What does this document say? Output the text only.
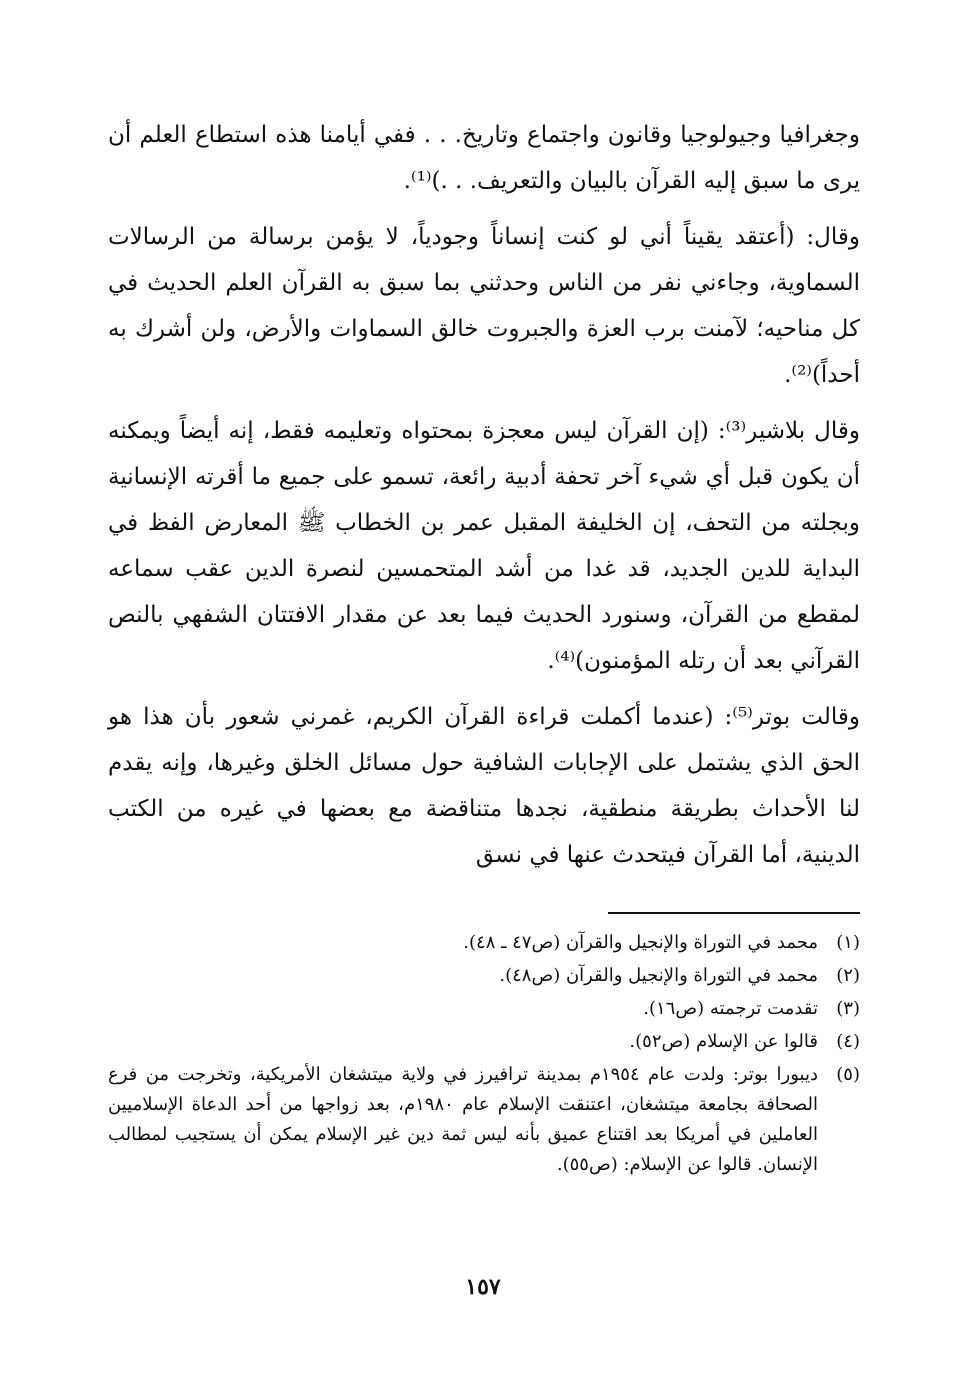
وجغرافيا وجيولوجيا وقانون واجتماع وتاريخ. . . ففي أيامنا هذه استطاع العلم أن يرى ما سبق إليه القرآن بالبيان والتعريف. . .)⁽¹⁾.

وقال: (أعتقد يقيناً أني لو كنت إنساناً وجودياً، لا يؤمن برسالة من الرسالات السماوية، وجاءني نفر من الناس وحدثني بما سبق به القرآن العلم الحديث في كل مناحيه؛ لآمنت برب العزة والجبروت خالق السماوات والأرض، ولن أشرك به أحداً)⁽²⁾.

وقال بلاشير⁽³⁾: (إن القرآن ليس معجزة بمحتواه وتعليمه فقط، إنه أيضاً ويمكنه أن يكون قبل أي شيء آخر تحفة أدبية رائعة، تسمو على جميع ما أقرته الإنسانية وبجلته من التحف، إن الخليفة المقبل عمر بن الخطاب ﷺ المعارض الفظ في البداية للدين الجديد، قد غدا من أشد المتحمسين لنصرة الدين عقب سماعه لمقطع من القرآن، وسنورد الحديث فيما بعد عن مقدار الافتتان الشفهي بالنص القرآني بعد أن رتله المؤمنون)⁽⁴⁾.

وقالت بوتر⁽⁵⁾: (عندما أكملت قراءة القرآن الكريم، غمرني شعور بأن هذا هو الحق الذي يشتمل على الإجابات الشافية حول مسائل الخلق وغيرها، وإنه يقدم لنا الأحداث بطريقة منطقية، نجدها متناقضة مع بعضها في غيره من الكتب الدينية، أما القرآن فيتحدث عنها في نسق

(١)
محمد في التوراة والإنجيل والقرآن (ص٤٧ ـ ٤٨).
(٢)
محمد في التوراة والإنجيل والقرآن (ص٤٨).
(٣)
تقدمت ترجمته (ص١٦).
(٤)
قالوا عن الإسلام (ص٥٢).
(٥)
ديبورا بوتر: ولدت عام ١٩٥٤م بمدينة ترافيرز في ولاية ميتشغان الأمريكية، وتخرجت من فرع الصحافة بجامعة ميتشغان، اعتنقت الإسلام عام ١٩٨٠م، بعد زواجها من أحد الدعاة الإسلاميين العاملين في أمريكا بعد اقتناع عميق بأنه ليس ثمة دين غير الإسلام يمكن أن يستجيب لمطالب الإنسان. قالوا عن الإسلام: (ص٥٥).
١٥٧
